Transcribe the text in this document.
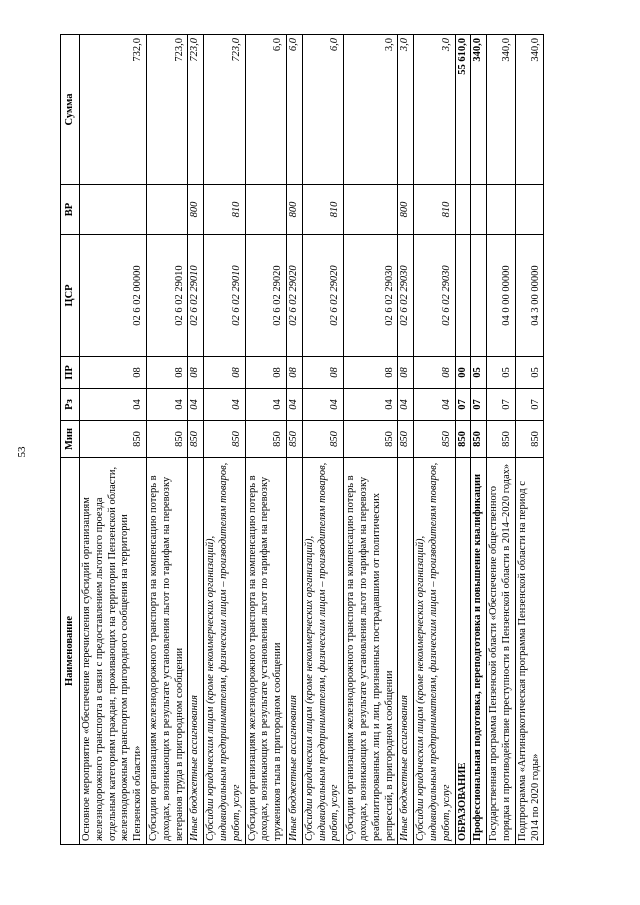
53
Наименование	Мин	Рз	ПР	ЦСР	ВР	Сумма
Основное мероприятие «Обеспечение перечисления субсидий организациям железнодорожного транспорта в связи с предоставлением льготного проезда отдельным категориям граждан, проживающих на территории Пензенской области, железнодорожным транспортом пригородного сообщения на территории Пензенской области»	850	04	08	02 6 02 00000		732,0
Субсидии организациям железнодорожного транспорта на компенсацию потерь в доходах, возникающих в результате установления льгот по тарифам на перевозку ветеранов труда в пригородном сообщении	850	04	08	02 6 02 29010		723,0
Иные бюджетные ассигнования	850	04	08	02 6 02 29010	800	723,0
Субсидии юридическим лицам (кроме некоммерческих организаций), индивидуальным предпринимателям, физическим лицам – производителям товаров, работ, услуг	850	04	08	02 6 02 29010	810	723,0
Субсидии организациям железнодорожного транспорта на компенсацию потерь в доходах, возникающих в результате установления льгот по тарифам на перевозку тружеников тыла в пригородном сообщении	850	04	08	02 6 02 29020		6,0
Иные бюджетные ассигнования	850	04	08	02 6 02 29020	800	6,0
Субсидии юридическим лицам (кроме некоммерческих организаций), индивидуальным предпринимателям, физическим лицам – производителям товаров, работ, услуг	850	04	08	02 6 02 29020	810	6,0
Субсидии организациям железнодорожного транспорта на компенсацию потерь в доходах, возникающих в результате установления льгот по тарифам на перевозку реабилитированных лиц и лиц, признанных пострадавшими от политических репрессий, в пригородном сообщении	850	04	08	02 6 02 29030		3,0
Иные бюджетные ассигнования	850	04	08	02 6 02 29030	800	3,0
Субсидии юридическим лицам (кроме некоммерческих организаций), индивидуальным предпринимателям, физическим лицам – производителям товаров, работ, услуг	850	04	08	02 6 02 29030	810	3,0
ОБРАЗОВАНИЕ	850	07	00			55 610,0
Профессиональная подготовка, переподготовка и повышение квалификации	850	07	05			340,0
Государственная программа Пензенской области «Обеспечение общественного порядка и противодействие преступности в Пензенской области в 2014–2020 годах»	850	07	05	04 0 00 00000		340,0
Подпрограмма «Антинаркотическая программа Пензенской области на период с 2014 по 2020 годы»	850	07	05	04 3 00 00000		340,0
